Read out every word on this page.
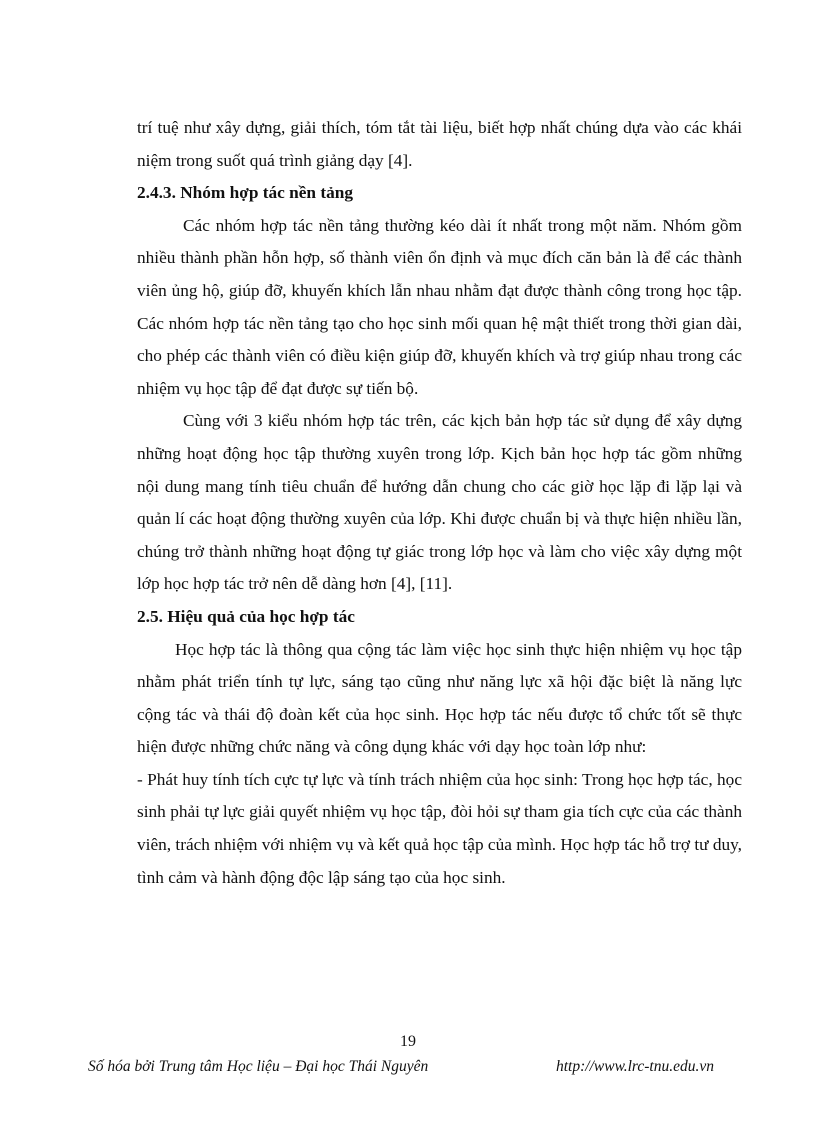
trí tuệ như xây dựng, giải thích, tóm tắt tài liệu, biết hợp nhất chúng dựa vào các khái niệm trong suốt quá trình giảng dạy [4].

2.4.3. Nhóm hợp tác nền tảng

Các nhóm hợp tác nền tảng thường kéo dài ít nhất trong một năm. Nhóm gồm nhiều thành phần hỗn hợp, số thành viên ổn định và mục đích căn bản là để các thành viên ủng hộ, giúp đỡ, khuyến khích lẫn nhau nhằm đạt được thành công trong học tập. Các nhóm hợp tác nền tảng tạo cho học sinh mối quan hệ mật thiết trong thời gian dài, cho phép các thành viên có điều kiện giúp đỡ, khuyến khích và trợ giúp nhau trong các nhiệm vụ học tập để đạt được sự tiến bộ.

Cùng với 3 kiểu nhóm hợp tác trên, các kịch bản hợp tác sử dụng để xây dựng những hoạt động học tập thường xuyên trong lớp. Kịch bản học hợp tác gồm những nội dung mang tính tiêu chuẩn để hướng dẫn chung cho các giờ học lặp đi lặp lại và quản lí các hoạt động thường xuyên của lớp. Khi được chuẩn bị và thực hiện nhiều lần, chúng trở thành những hoạt động tự giác trong lớp học và làm cho việc xây dựng một lớp học hợp tác trở nên dễ dàng hơn [4], [11].

2.5. Hiệu quả của học hợp tác

Học hợp tác là thông qua cộng tác làm việc học sinh thực hiện nhiệm vụ học tập nhằm phát triển tính tự lực, sáng tạo cũng như năng lực xã hội đặc biệt là năng lực cộng tác và thái độ đoàn kết của học sinh. Học hợp tác nếu được tổ chức tốt sẽ thực hiện được những chức năng và công dụng khác với dạy học toàn lớp như:

- Phát huy tính tích cực tự lực và tính trách nhiệm của học sinh: Trong học hợp tác, học sinh phải tự lực giải quyết nhiệm vụ học tập, đòi hỏi sự tham gia tích cực của các thành viên, trách nhiệm với nhiệm vụ và kết quả học tập của mình. Học hợp tác hỗ trợ tư duy, tình cảm và hành động độc lập sáng tạo của học sinh.

19
Số hóa bởi Trung tâm Học liệu – Đại học Thái Nguyên	http://www.lrc-tnu.edu.vn
